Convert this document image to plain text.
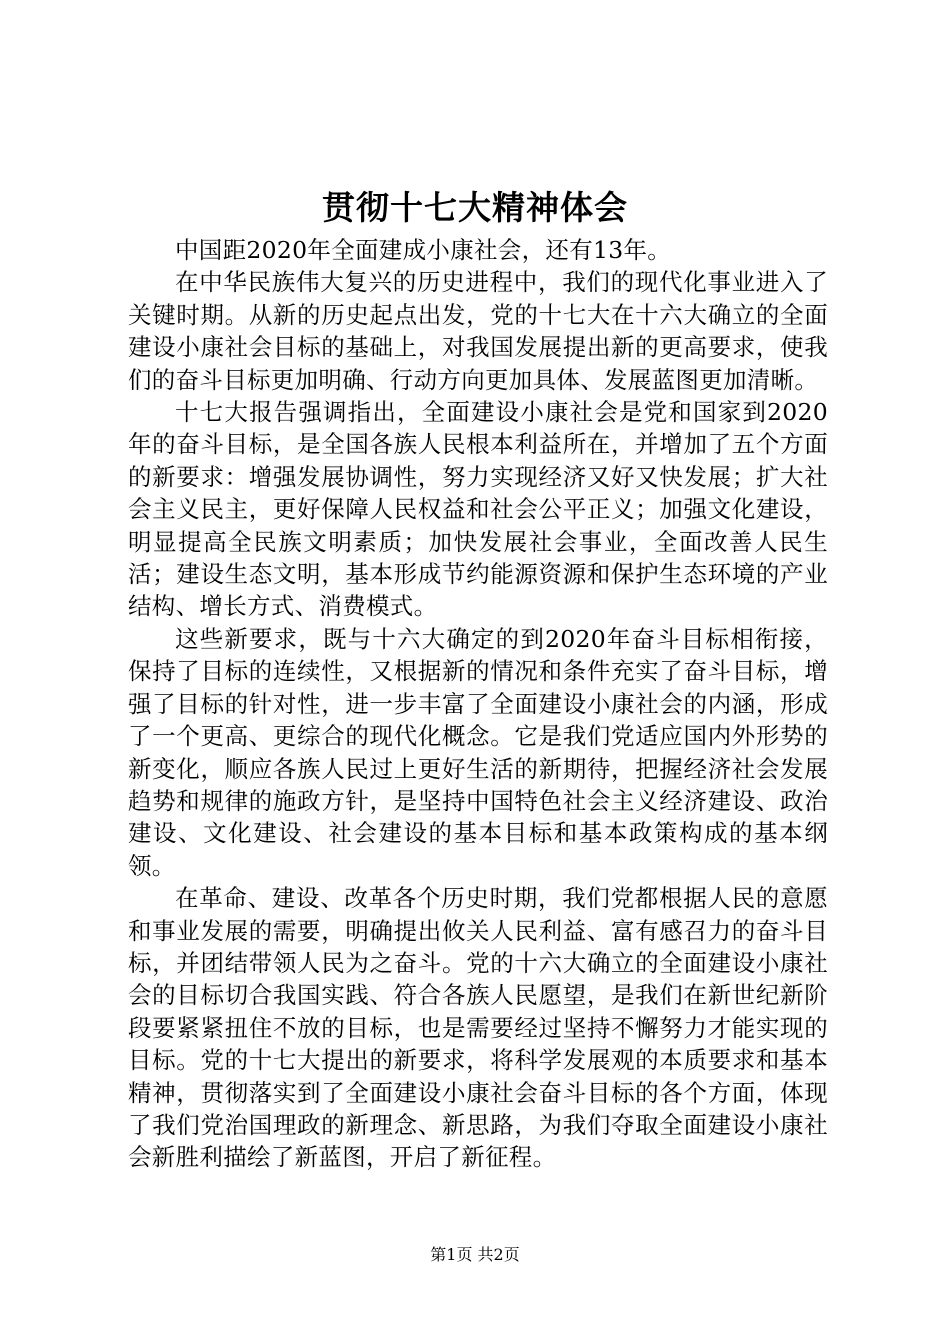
贯彻十七大精神体会

中国距2020年全面建成小康社会，还有13年。

在中华民族伟大复兴的历史进程中，我们的现代化事业进入了关键时期。从新的历史起点出发，党的十七大在十六大确立的全面建设小康社会目标的基础上，对我国发展提出新的更高要求，使我们的奋斗目标更加明确、行动方向更加具体、发展蓝图更加清晰。

十七大报告强调指出，全面建设小康社会是党和国家到2020年的奋斗目标，是全国各族人民根本利益所在，并增加了五个方面的新要求：增强发展协调性，努力实现经济又好又快发展；扩大社会主义民主，更好保障人民权益和社会公平正义；加强文化建设，明显提高全民族文明素质；加快发展社会事业，全面改善人民生活；建设生态文明，基本形成节约能源资源和保护生态环境的产业结构、增长方式、消费模式。

这些新要求，既与十六大确定的到2020年奋斗目标相衔接，保持了目标的连续性，又根据新的情况和条件充实了奋斗目标，增强了目标的针对性，进一步丰富了全面建设小康社会的内涵，形成了一个更高、更综合的现代化概念。它是我们党适应国内外形势的新变化，顺应各族人民过上更好生活的新期待，把握经济社会发展趋势和规律的施政方针，是坚持中国特色社会主义经济建设、政治建设、文化建设、社会建设的基本目标和基本政策构成的基本纲领。

在革命、建设、改革各个历史时期，我们党都根据人民的意愿和事业发展的需要，明确提出攸关人民利益、富有感召力的奋斗目标，并团结带领人民为之奋斗。党的十六大确立的全面建设小康社会的目标切合我国实践、符合各族人民愿望，是我们在新世纪新阶段要紧紧扭住不放的目标，也是需要经过坚持不懈努力才能实现的目标。党的十七大提出的新要求，将科学发展观的本质要求和基本精神，贯彻落实到了全面建设小康社会奋斗目标的各个方面，体现了我们党治国理政的新理念、新思路，为我们夺取全面建设小康社会新胜利描绘了新蓝图，开启了新征程。

第1页 共2页
